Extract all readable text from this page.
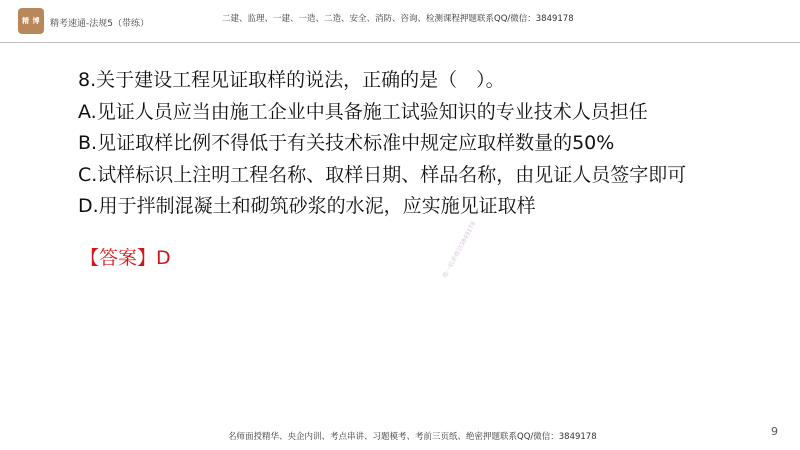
精 博 精考速通-法规5（带练）	二建、监理、一建、一造、二造、安全、消防、咨询、检测课程押题联系QQ/微信：3849178
8.关于建设工程见证取样的说法，正确的是（　）。
A.见证人员应当由施工企业中具备施工试验知识的专业技术人员担任
B.见证取样比例不得低于有关技术标准中规定应取样数量的50%
C.试样标识上注明工程名称、取样日期、样品名称，由见证人员签字即可
D.用于拌制混凝土和砌筑砂浆的水泥，应实施见证取样
【答案】D	唯一联系微信3849178
名师面授精华、央企内训、考点串讲、习题模考、考前三页纸、绝密押题联系QQ/微信：3849178	9
